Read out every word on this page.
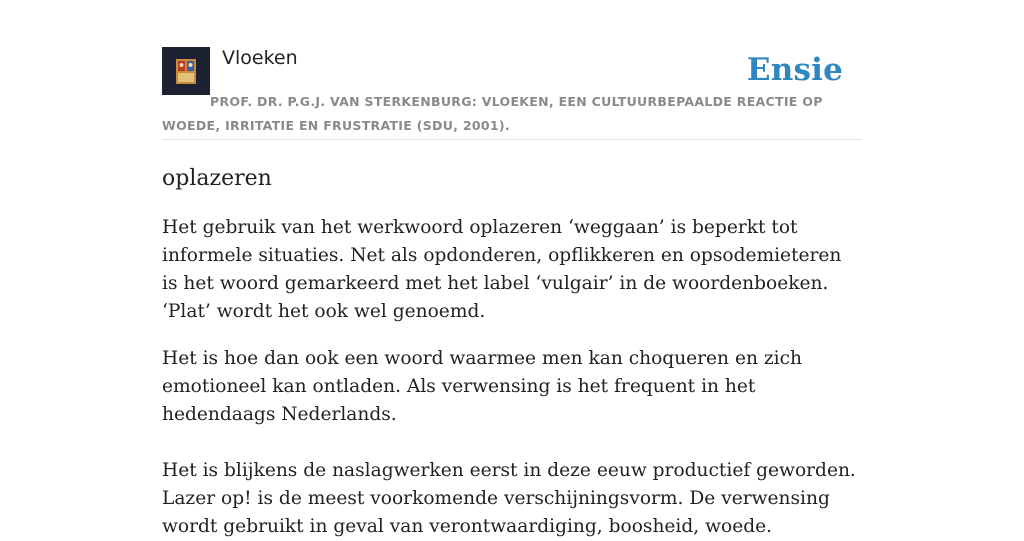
Vloeken	Ensie
PROF. DR. P.G.J. VAN STERKENBURG: VLOEKEN, EEN CULTUURBEPAALDE REACTIE OP WOEDE, IRRITATIE EN FRUSTRATIE (SDU, 2001).
oplazeren

Het gebruik van het werkwoord oplazeren ‘weggaan’ is beperkt tot informele situaties. Net als opdonderen, opflikkeren en opsodemieteren is het woord gemarkeerd met het label ‘vulgair’ in de woordenboeken. ‘Plat’ wordt het ook wel genoemd.

Het is hoe dan ook een woord waarmee men kan choqueren en zich emotioneel kan ontladen. Als verwensing is het frequent in het hedendaags Nederlands.

Het is blijkens de naslagwerken eerst in deze eeuw productief geworden. Lazer op! is de meest voorkomende verschijningsvorm. De verwensing wordt gebruikt in geval van verontwaardiging, boosheid, woede.
